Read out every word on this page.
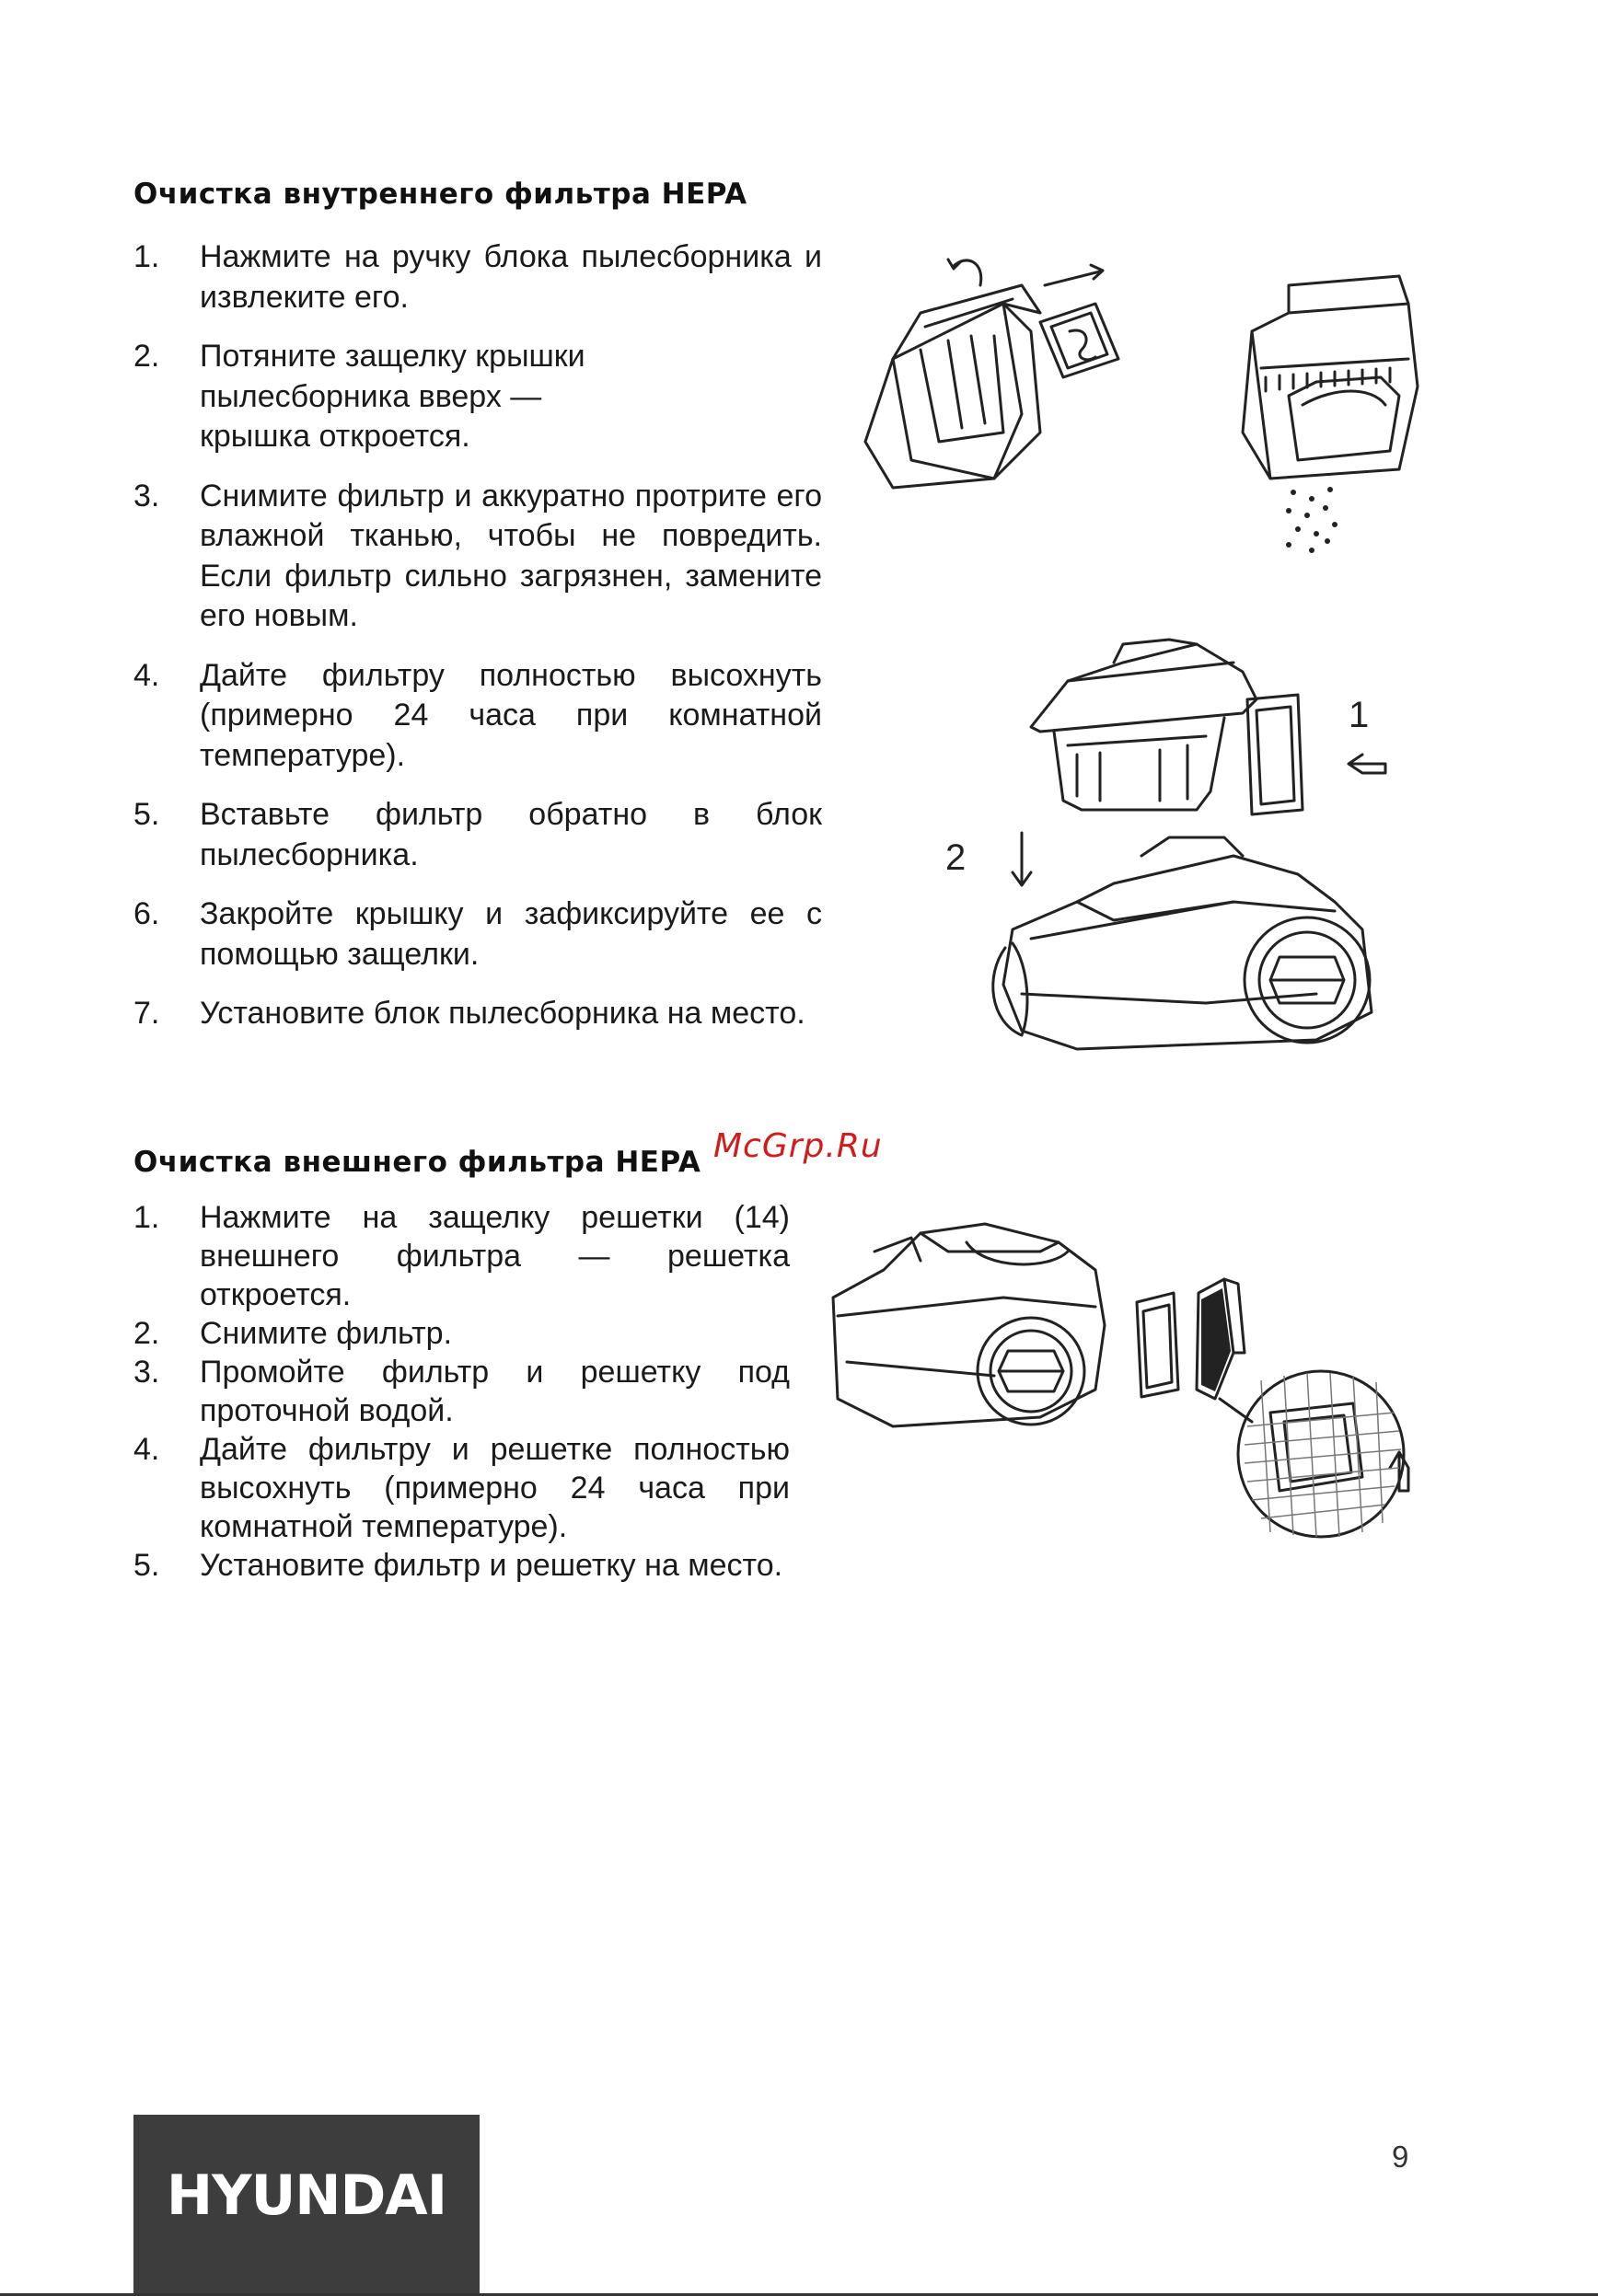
Очистка внутреннего фильтра HEPA
1. Нажмите на ручку блока пылесборника и извлеките его.
2. Потяните защелку крышки пылесборника вверх — крышка откроется.
3. Снимите фильтр и аккуратно протрите его влажной тканью, чтобы не повредить. Если фильтр сильно загрязнен, замените его новым.
4. Дайте фильтру полностью высохнуть (примерно 24 часа при комнатной температуре).
5. Вставьте фильтр обратно в блок пылесборника.
6. Закройте крышку и зафиксируйте ее с помощью защелки.
7. Установите блок пылесборника на место.
1
2
Очистка внешнего фильтра HEPA McGrp.Ru
1. Нажмите на защелку решетки (14) внешнего фильтра — решетка откроется.
2. Снимите фильтр.
3. Промойте фильтр и решетку под проточной водой.
4. Дайте фильтру и решетке полностью высохнуть (примерно 24 часа при комнатной температуре).
5. Установите фильтр и решетку на место.
HYUNDAI
9
